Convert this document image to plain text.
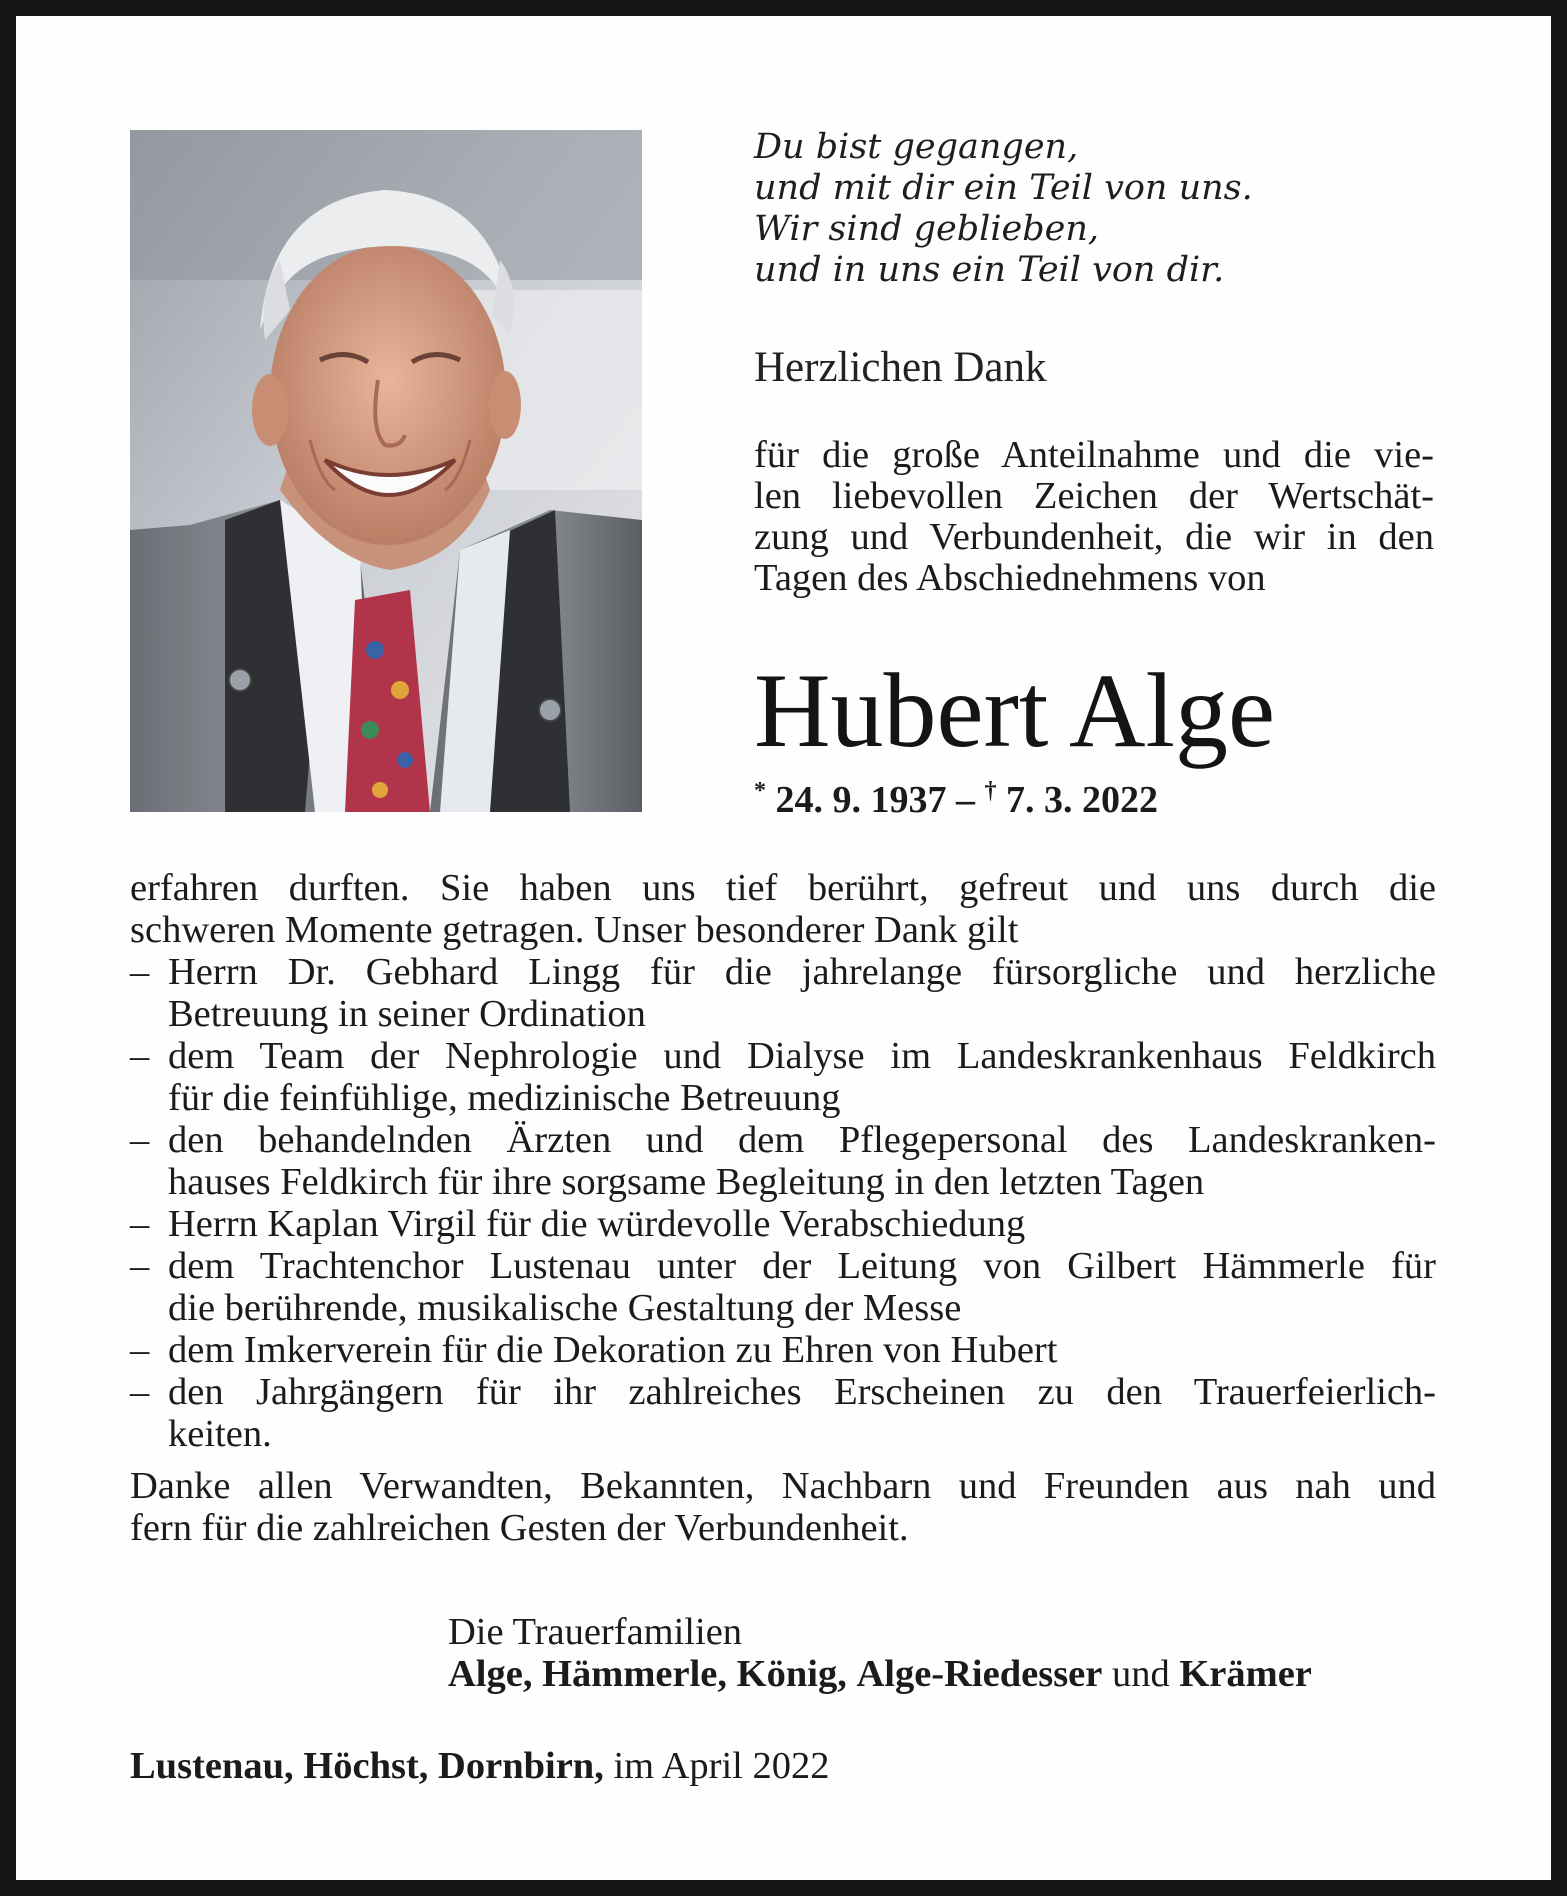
Du bist gegangen,
und mit dir ein Teil von uns.
Wir sind geblieben,
und in uns ein Teil von dir.
Herzlichen Dank
für die große Anteilnahme und die vie-
len liebevollen Zeichen der Wertschät-
zung und Verbundenheit, die wir in den
Tagen des Abschiednehmens von
Hubert Alge
* 24. 9. 1937 – † 7. 3. 2022
erfahren durften. Sie haben uns tief berührt, gefreut und uns durch die
schweren Momente getragen. Unser besonderer Dank gilt
– Herrn Dr. Gebhard Lingg für die jahrelange fürsorgliche und herzliche
Betreuung in seiner Ordination
– dem Team der Nephrologie und Dialyse im Landeskrankenhaus Feldkirch
für die feinfühlige, medizinische Betreuung
– den behandelnden Ärzten und dem Pflegepersonal des Landeskranken-
hauses Feldkirch für ihre sorgsame Begleitung in den letzten Tagen
– Herrn Kaplan Virgil für die würdevolle Verabschiedung
– dem Trachtenchor Lustenau unter der Leitung von Gilbert Hämmerle für
die berührende, musikalische Gestaltung der Messe
– dem Imkerverein für die Dekoration zu Ehren von Hubert
– den Jahrgängern für ihr zahlreiches Erscheinen zu den Trauerfeierlich-
keiten.
Danke allen Verwandten, Bekannten, Nachbarn und Freunden aus nah und
fern für die zahlreichen Gesten der Verbundenheit.
Die Trauerfamilien
Alge, Hämmerle, König, Alge-Riedesser und Krämer
Lustenau, Höchst, Dornbirn, im April 2022
